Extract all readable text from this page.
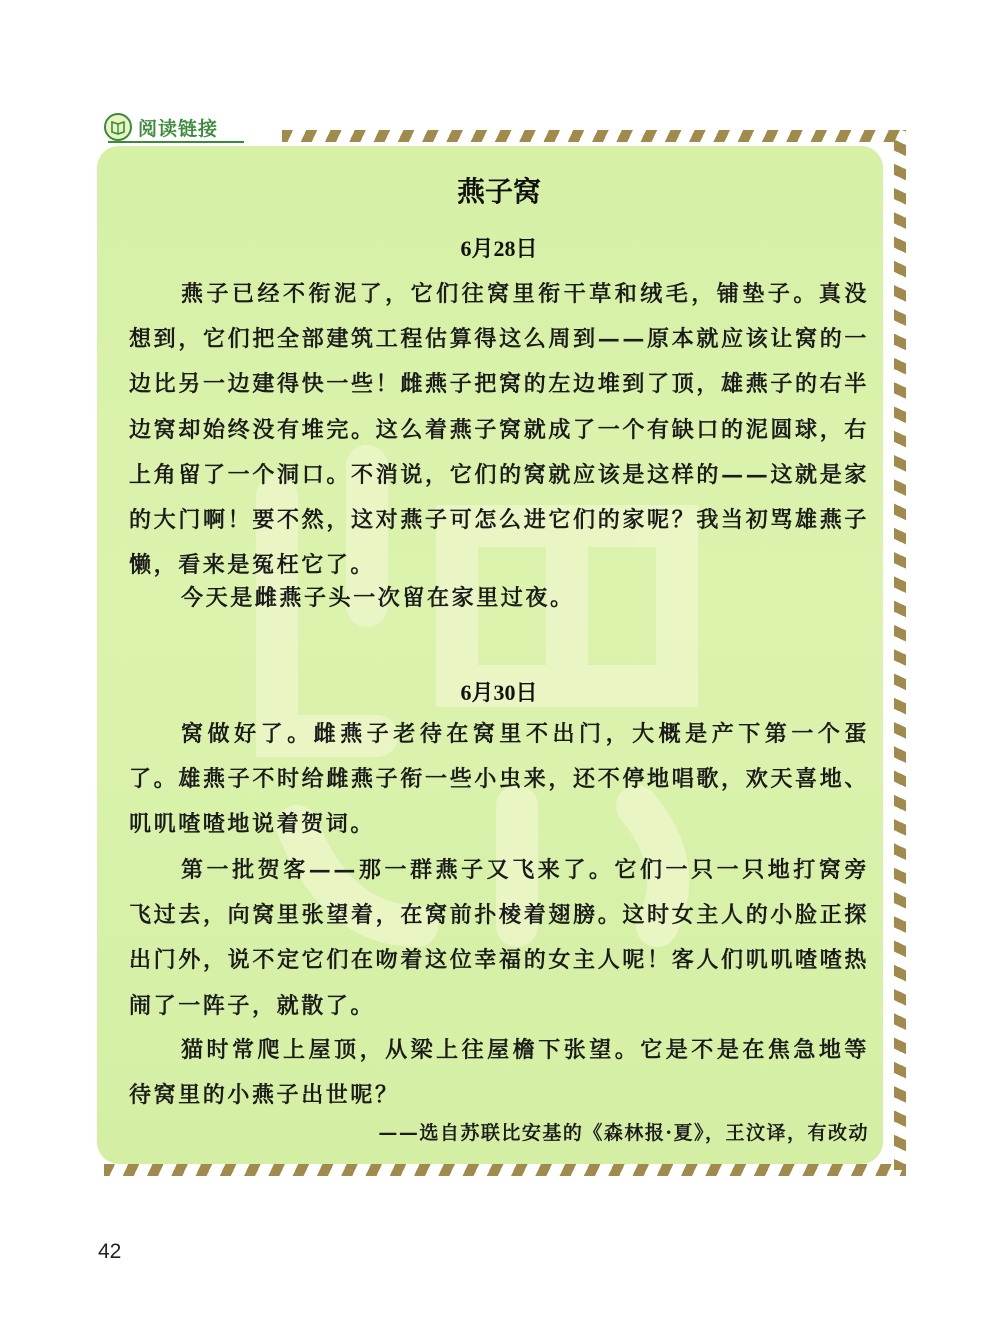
阅读链接
燕子窝
6月28日

燕子已经不衔泥了，它们往窝里衔干草和绒毛，铺垫子。真没想到，它们把全部建筑工程估算得这么周到——原本就应该让窝的一边比另一边建得快一些！雌燕子把窝的左边堆到了顶，雄燕子的右半边窝却始终没有堆完。这么着燕子窝就成了一个有缺口的泥圆球，右上角留了一个洞口。不消说，它们的窝就应该是这样的——这就是家的大门啊！要不然，这对燕子可怎么进它们的家呢？我当初骂雄燕子懒，看来是冤枉它了。

今天是雌燕子头一次留在家里过夜。

6月30日

窝做好了。雌燕子老待在窝里不出门，大概是产下第一个蛋了。雄燕子不时给雌燕子衔一些小虫来，还不停地唱歌，欢天喜地、叽叽喳喳地说着贺词。

第一批贺客——那一群燕子又飞来了。它们一只一只地打窝旁飞过去，向窝里张望着，在窝前扑棱着翅膀。这时女主人的小脸正探出门外，说不定它们在吻着这位幸福的女主人呢！客人们叽叽喳喳热闹了一阵子，就散了。

猫时常爬上屋顶，从梁上往屋檐下张望。它是不是在焦急地等待窝里的小燕子出世呢？

——选自苏联比安基的《森林报·夏》，王汶译，有改动
42
